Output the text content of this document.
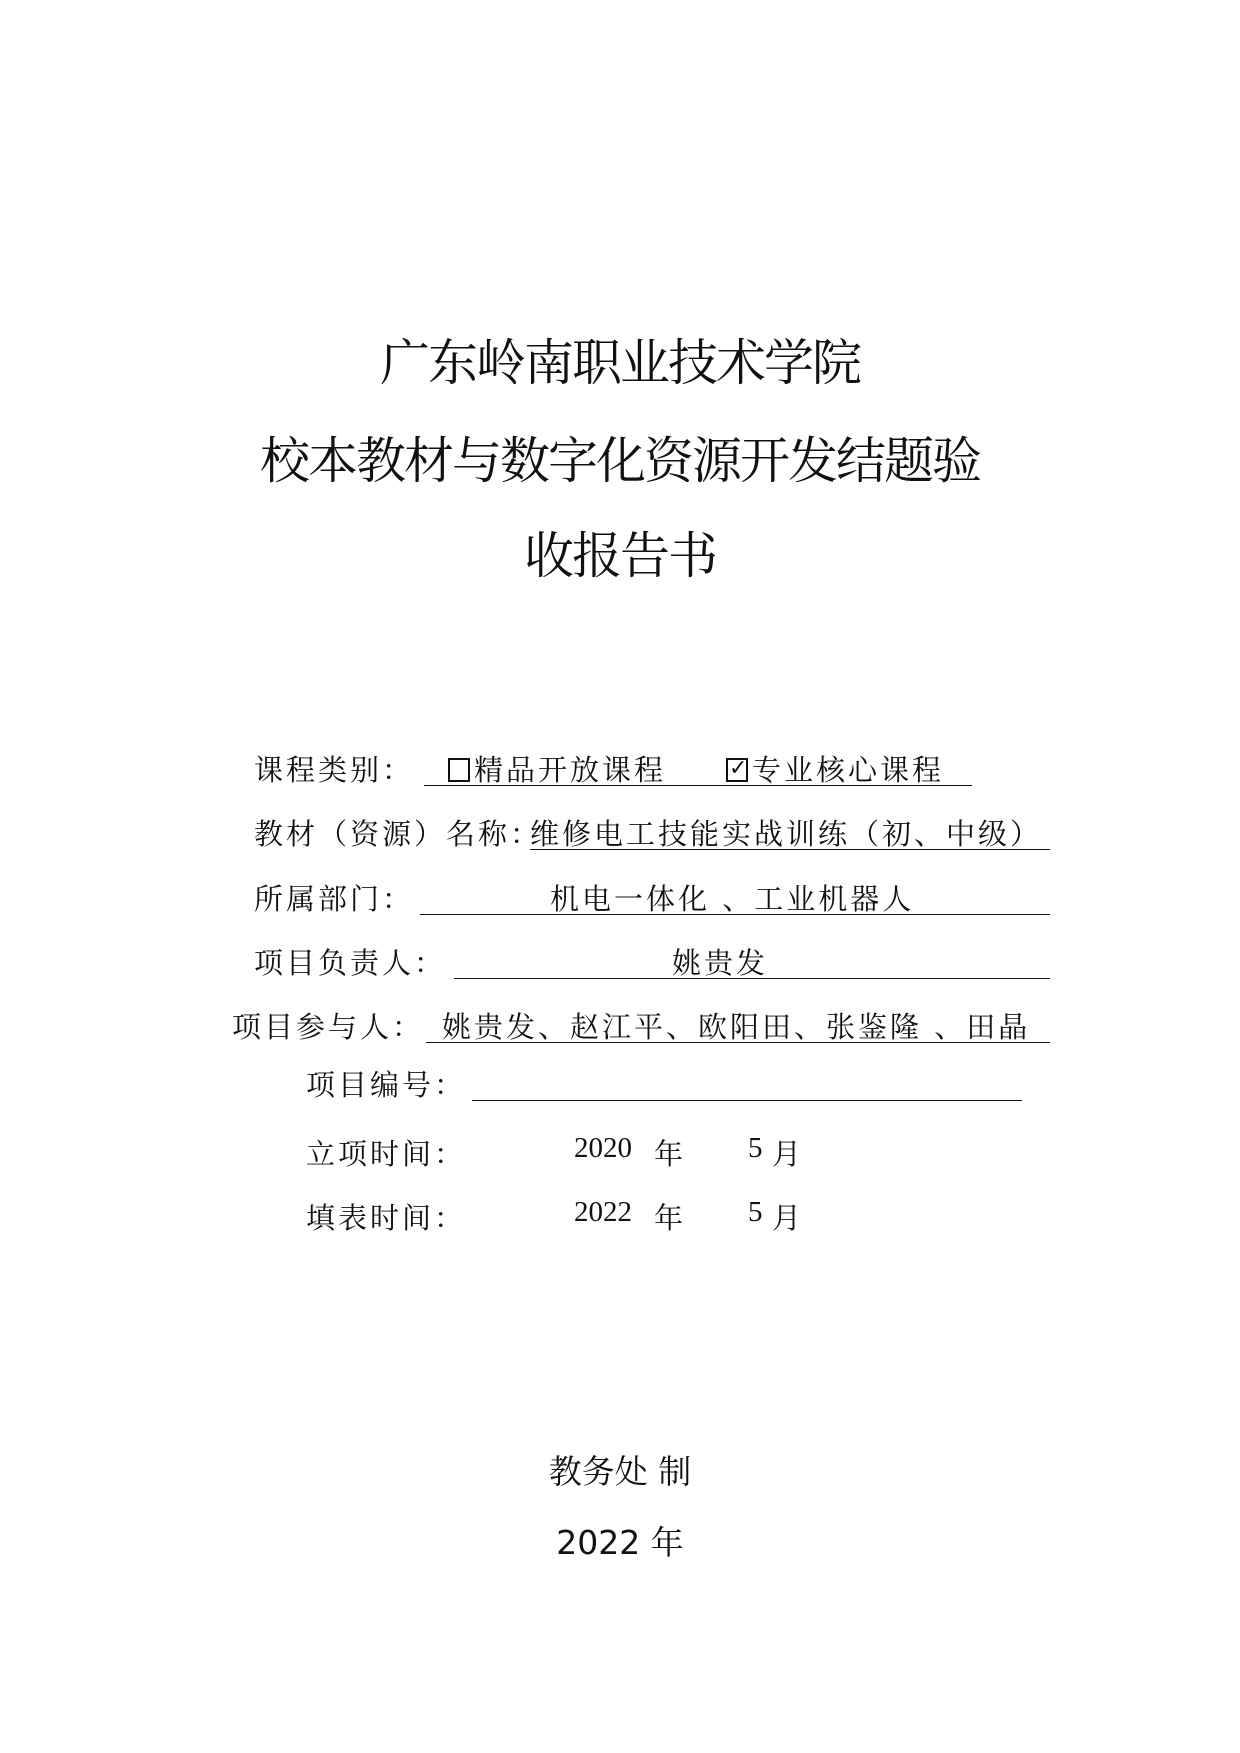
广东岭南职业技术学院
校本教材与数字化资源开发结题验
收报告书
课程类别：	精品开放课程	✓ 专业核心课程
教材（资源）名称：
维修电工技能实战训练（初、中级）
所属部门：	机电一体化 、工业机器人
项目负责人：	姚贵发
项目参与人： 姚贵发、赵江平、欧阳田、张鉴隆 、田晶
项目编号：
立项时间：	2020 年 5 月
填表时间：	2022 年 5 月
教务处 制
2022 年
